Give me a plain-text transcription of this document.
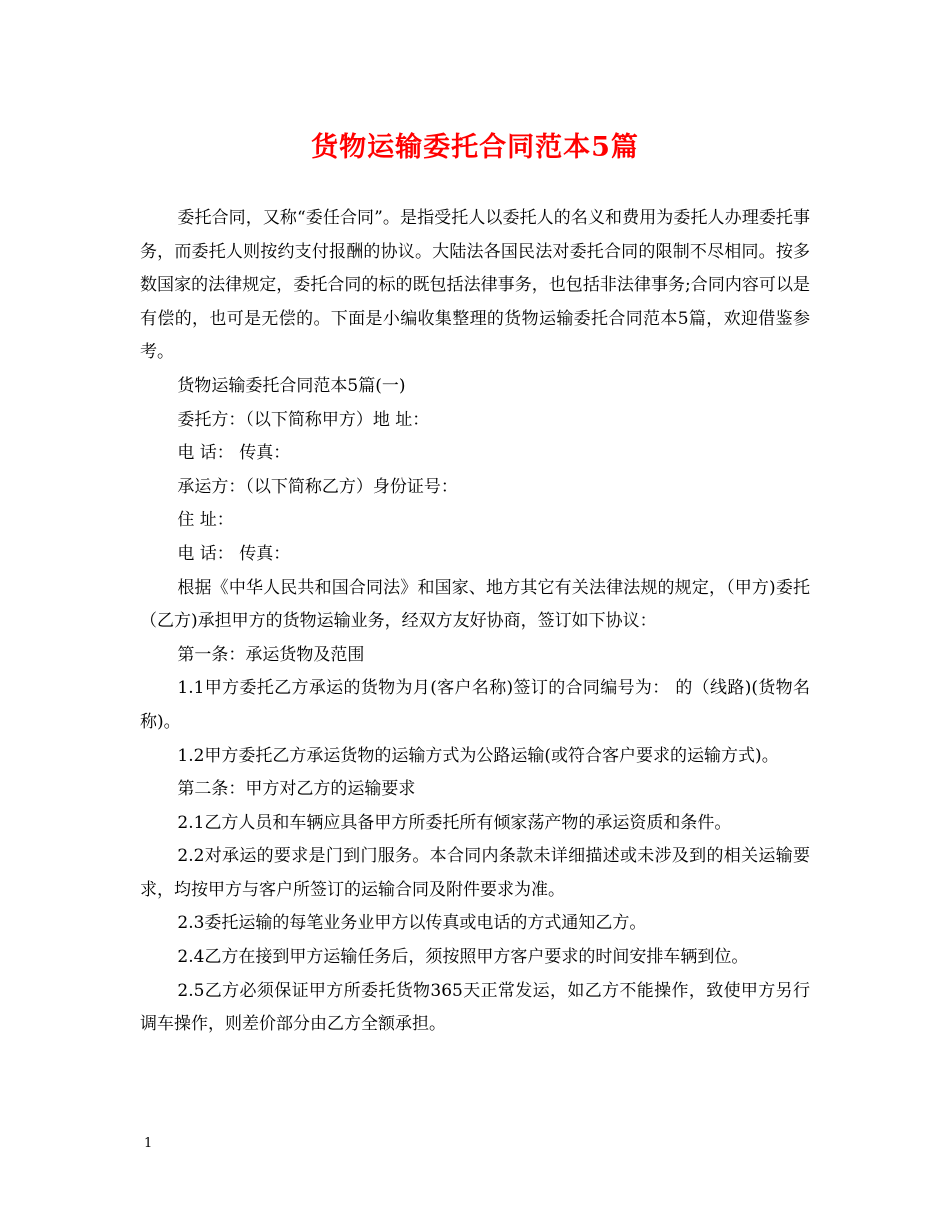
货物运输委托合同范本5篇

委托合同，又称“委任合同”。是指受托人以委托人的名义和费用为委托人办理委托事务，而委托人则按约支付报酬的协议。大陆法各国民法对委托合同的限制不尽相同。按多数国家的法律规定，委托合同的标的既包括法律事务，也包括非法律事务;合同内容可以是有偿的，也可是无偿的。下面是小编收集整理的货物运输委托合同范本5篇，欢迎借鉴参考。

货物运输委托合同范本5篇(一)

委托方：（以下简称甲方）地 址：

电 话： 传真：

承运方：（以下简称乙方）身份证号：

住 址：

电 话： 传真：

根据《中华人民共和国合同法》和国家、地方其它有关法律法规的规定，（甲方)委托（乙方)承担甲方的货物运输业务，经双方友好协商，签订如下协议：

第一条：承运货物及范围

1.1甲方委托乙方承运的货物为月(客户名称)签订的合同编号为： 的（线路)(货物名称)。

1.2甲方委托乙方承运货物的运输方式为公路运输(或符合客户要求的运输方式)。

第二条：甲方对乙方的运输要求

2.1乙方人员和车辆应具备甲方所委托所有倾家荡产物的承运资质和条件。

2.2对承运的要求是门到门服务。本合同内条款未详细描述或未涉及到的相关运输要求，均按甲方与客户所签订的运输合同及附件要求为准。

2.3委托运输的每笔业务业甲方以传真或电话的方式通知乙方。

2.4乙方在接到甲方运输任务后，须按照甲方客户要求的时间安排车辆到位。

2.5乙方必须保证甲方所委托货物365天正常发运，如乙方不能操作，致使甲方另行调车操作，则差价部分由乙方全额承担。

1
